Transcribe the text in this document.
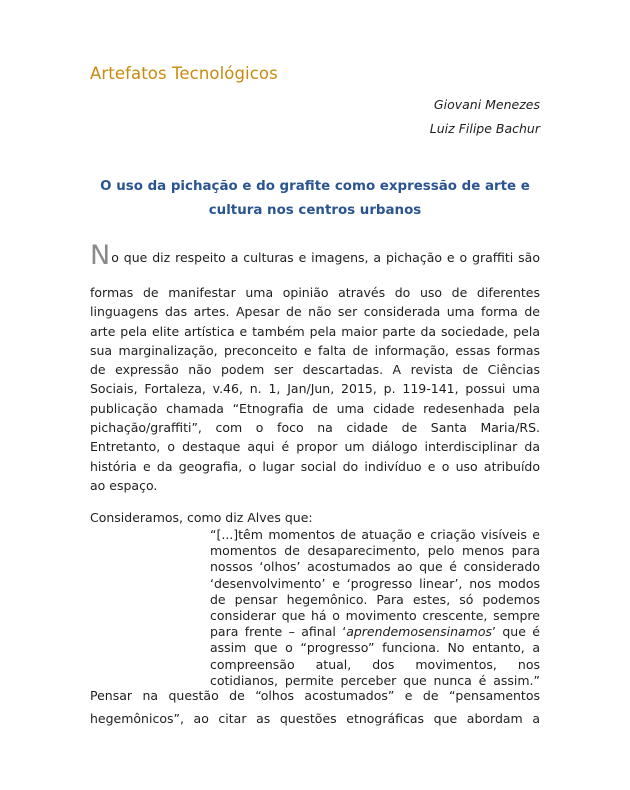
Artefatos Tecnológicos
Giovani Menezes
Luiz Filipe Bachur
O uso da pichação e do grafite como expressão de arte e
cultura nos centros urbanos
No que diz respeito a culturas e imagens, a pichação e o graffiti são
formas de manifestar uma opinião através do uso de diferentes
linguagens das artes. Apesar de não ser considerada uma forma de
arte pela elite artística e também pela maior parte da sociedade, pela
sua marginalização, preconceito e falta de informação, essas formas
de expressão não podem ser descartadas. A revista de Ciências
Sociais, Fortaleza, v.46, n. 1, Jan/Jun, 2015, p. 119-141, possui uma
publicação chamada “Etnografia de uma cidade redesenhada pela
pichação/graffiti”, com o foco na cidade de Santa Maria/RS.
Entretanto, o destaque aqui é propor um diálogo interdisciplinar da
história e da geografia, o lugar social do indivíduo e o uso atribuído
ao espaço.
Consideramos, como diz Alves que:
“[...]têm momentos de atuação e criação visíveis e
momentos de desaparecimento, pelo menos para
nossos ‘olhos’ acostumados ao que é considerado
‘desenvolvimento’ e ‘progresso linear’, nos modos
de pensar hegemônico. Para estes, só podemos
considerar que há o movimento crescente, sempre
para frente – afinal ‘aprendemosensinamos’ que é
assim que o “progresso” funciona. No entanto, a
compreensão atual, dos movimentos, nos
cotidianos, permite perceber que nunca é assim.”
Pensar na questão de “olhos acostumados” e de “pensamentos
hegemônicos”, ao citar as questões etnográficas que abordam a
